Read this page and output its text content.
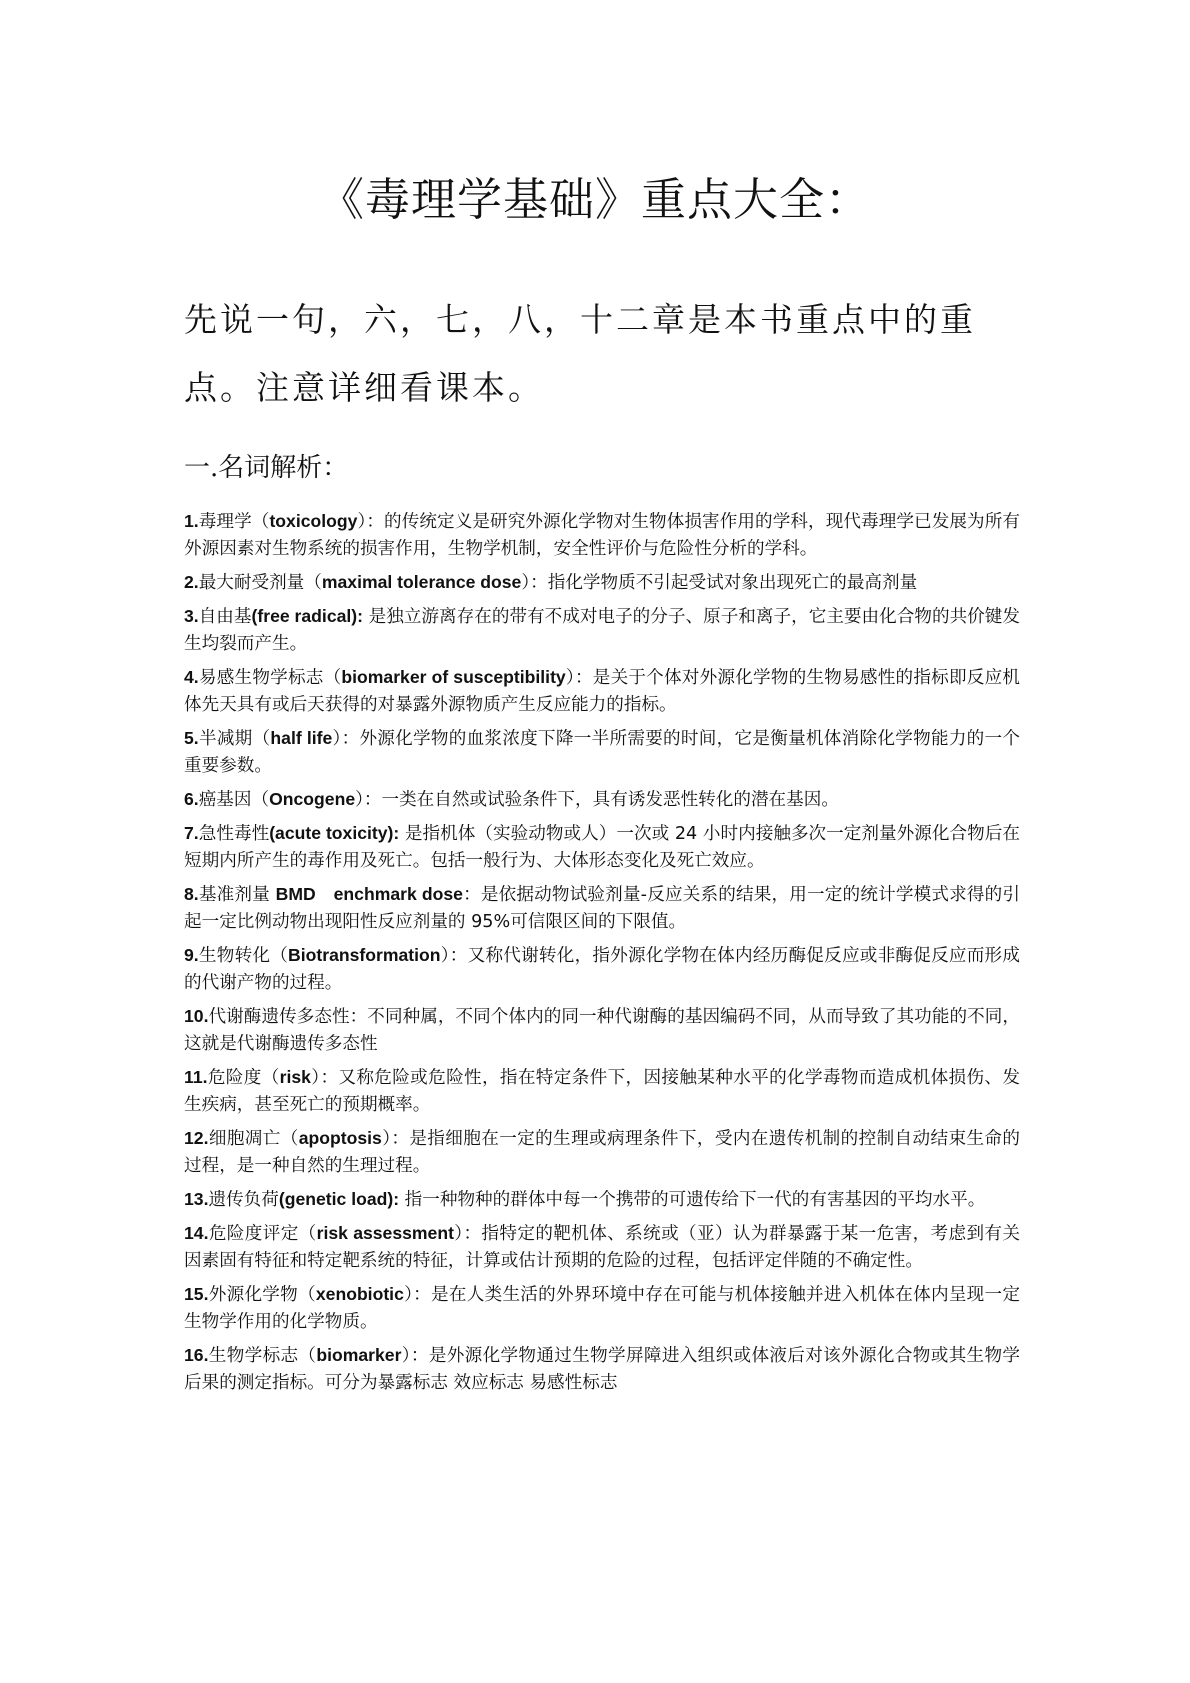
《毒理学基础》重点大全：

先说一句，六，七，八，十二章是本书重点中的重点。注意详细看课本。

一.名词解析：
1.毒理学（toxicology）：的传统定义是研究外源化学物对生物体损害作用的学科，现代毒理学已发展为所有外源因素对生物系统的损害作用，生物学机制，安全性评价与危险性分析的学科。
2.最大耐受剂量（maximal tolerance dose）：指化学物质不引起受试对象出现死亡的最高剂量
3.自由基(free radical): 是独立游离存在的带有不成对电子的分子、原子和离子，它主要由化合物的共价键发生均裂而产生。
4.易感生物学标志（biomarker of susceptibility）：是关于个体对外源化学物的生物易感性的指标即反应机体先天具有或后天获得的对暴露外源物质产生反应能力的指标。
5.半减期（half life）：外源化学物的血浆浓度下降一半所需要的时间，它是衡量机体消除化学物能力的一个重要参数。
6.癌基因（Oncogene）：一类在自然或试验条件下，具有诱发恶性转化的潜在基因。
7.急性毒性(acute toxicity): 是指机体（实验动物或人）一次或 24 小时内接触多次一定剂量外源化合物后在短期内所产生的毒作用及死亡。包括一般行为、大体形态变化及死亡效应。
8.基准剂量 BMD　enchmark dose：是依据动物试验剂量-反应关系的结果，用一定的统计学模式求得的引起一定比例动物出现阳性反应剂量的 95%可信限区间的下限值。
9.生物转化（Biotransformation）：又称代谢转化，指外源化学物在体内经历酶促反应或非酶促反应而形成的代谢产物的过程。
10.代谢酶遗传多态性：不同种属，不同个体内的同一种代谢酶的基因编码不同，从而导致了其功能的不同，这就是代谢酶遗传多态性
11.危险度（risk）：又称危险或危险性，指在特定条件下，因接触某种水平的化学毒物而造成机体损伤、发生疾病，甚至死亡的预期概率。
12.细胞凋亡（apoptosis）：是指细胞在一定的生理或病理条件下，受内在遗传机制的控制自动结束生命的过程，是一种自然的生理过程。
13.遗传负荷(genetic load): 指一种物种的群体中每一个携带的可遗传给下一代的有害基因的平均水平。
14.危险度评定（risk assessment）：指特定的靶机体、系统或（亚）认为群暴露于某一危害，考虑到有关因素固有特征和特定靶系统的特征，计算或估计预期的危险的过程，包括评定伴随的不确定性。
15.外源化学物（xenobiotic）：是在人类生活的外界环境中存在可能与机体接触并进入机体在体内呈现一定生物学作用的化学物质。
16.生物学标志（biomarker）：是外源化学物通过生物学屏障进入组织或体液后对该外源化合物或其生物学后果的测定指标。可分为暴露标志 效应标志 易感性标志
